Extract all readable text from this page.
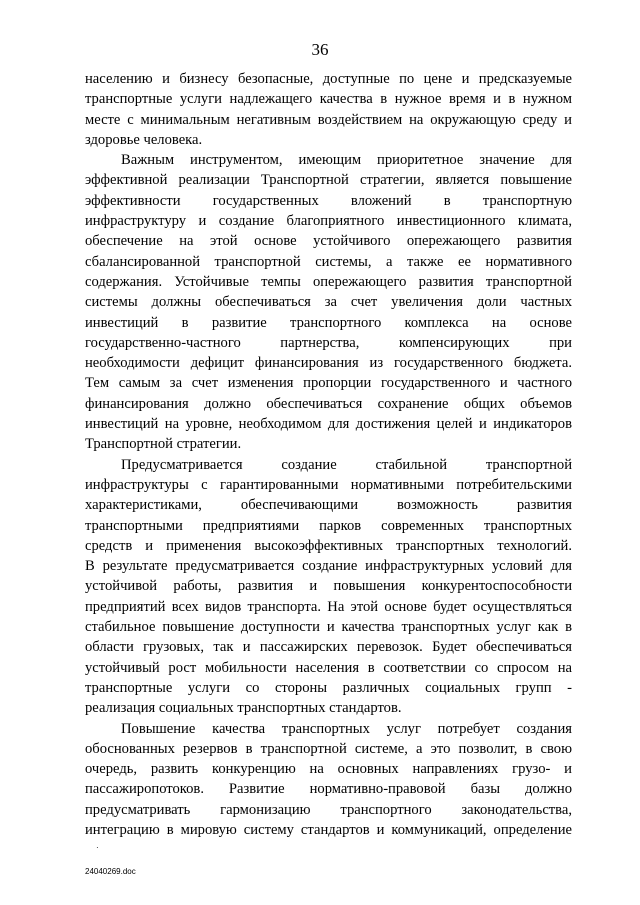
36

населению и бизнесу безопасные, доступные по цене и предсказуемые
транспортные услуги надлежащего качества в нужное время и в нужном
месте с минимальным негативным воздействием на окружающую среду и
здоровье человека.

Важным инструментом, имеющим приоритетное значение для
эффективной реализации Транспортной стратегии, является повышение
эффективности государственных вложений в транспортную
инфраструктуру и создание благоприятного инвестиционного климата,
обеспечение на этой основе устойчивого опережающего развития
сбалансированной транспортной системы, а также ее нормативного
содержания. Устойчивые темпы опережающего развития транспортной
системы должны обеспечиваться за счет увеличения доли частных
инвестиций в развитие транспортного комплекса на основе
государственно-частного партнерства, компенсирующих при
необходимости дефицит финансирования из государственного бюджета.
Тем самым за счет изменения пропорции государственного и частного
финансирования должно обеспечиваться сохранение общих объемов
инвестиций на уровне, необходимом для достижения целей и индикаторов
Транспортной стратегии.

Предусматривается создание стабильной транспортной
инфраструктуры с гарантированными нормативными потребительскими
характеристиками, обеспечивающими возможность развития
транспортными предприятиями парков современных транспортных
средств и применения высокоэффективных транспортных технологий.
В результате предусматривается создание инфраструктурных условий для
устойчивой работы, развития и повышения конкурентоспособности
предприятий всех видов транспорта. На этой основе будет осуществляться
стабильное повышение доступности и качества транспортных услуг как в
области грузовых, так и пассажирских перевозок. Будет обеспечиваться
устойчивый рост мобильности населения в соответствии со спросом на
транспортные услуги со стороны различных социальных групп -
реализация социальных транспортных стандартов.

Повышение качества транспортных услуг потребует создания
обоснованных резервов в транспортной системе, а это позволит, в свою
очередь, развить конкуренцию на основных направлениях грузо- и
пассажиропотоков. Развитие нормативно-правовой базы должно
предусматривать гармонизацию транспортного законодательства,
интеграцию в мировую систему стандартов и коммуникаций, определение

·
24040269.doc
